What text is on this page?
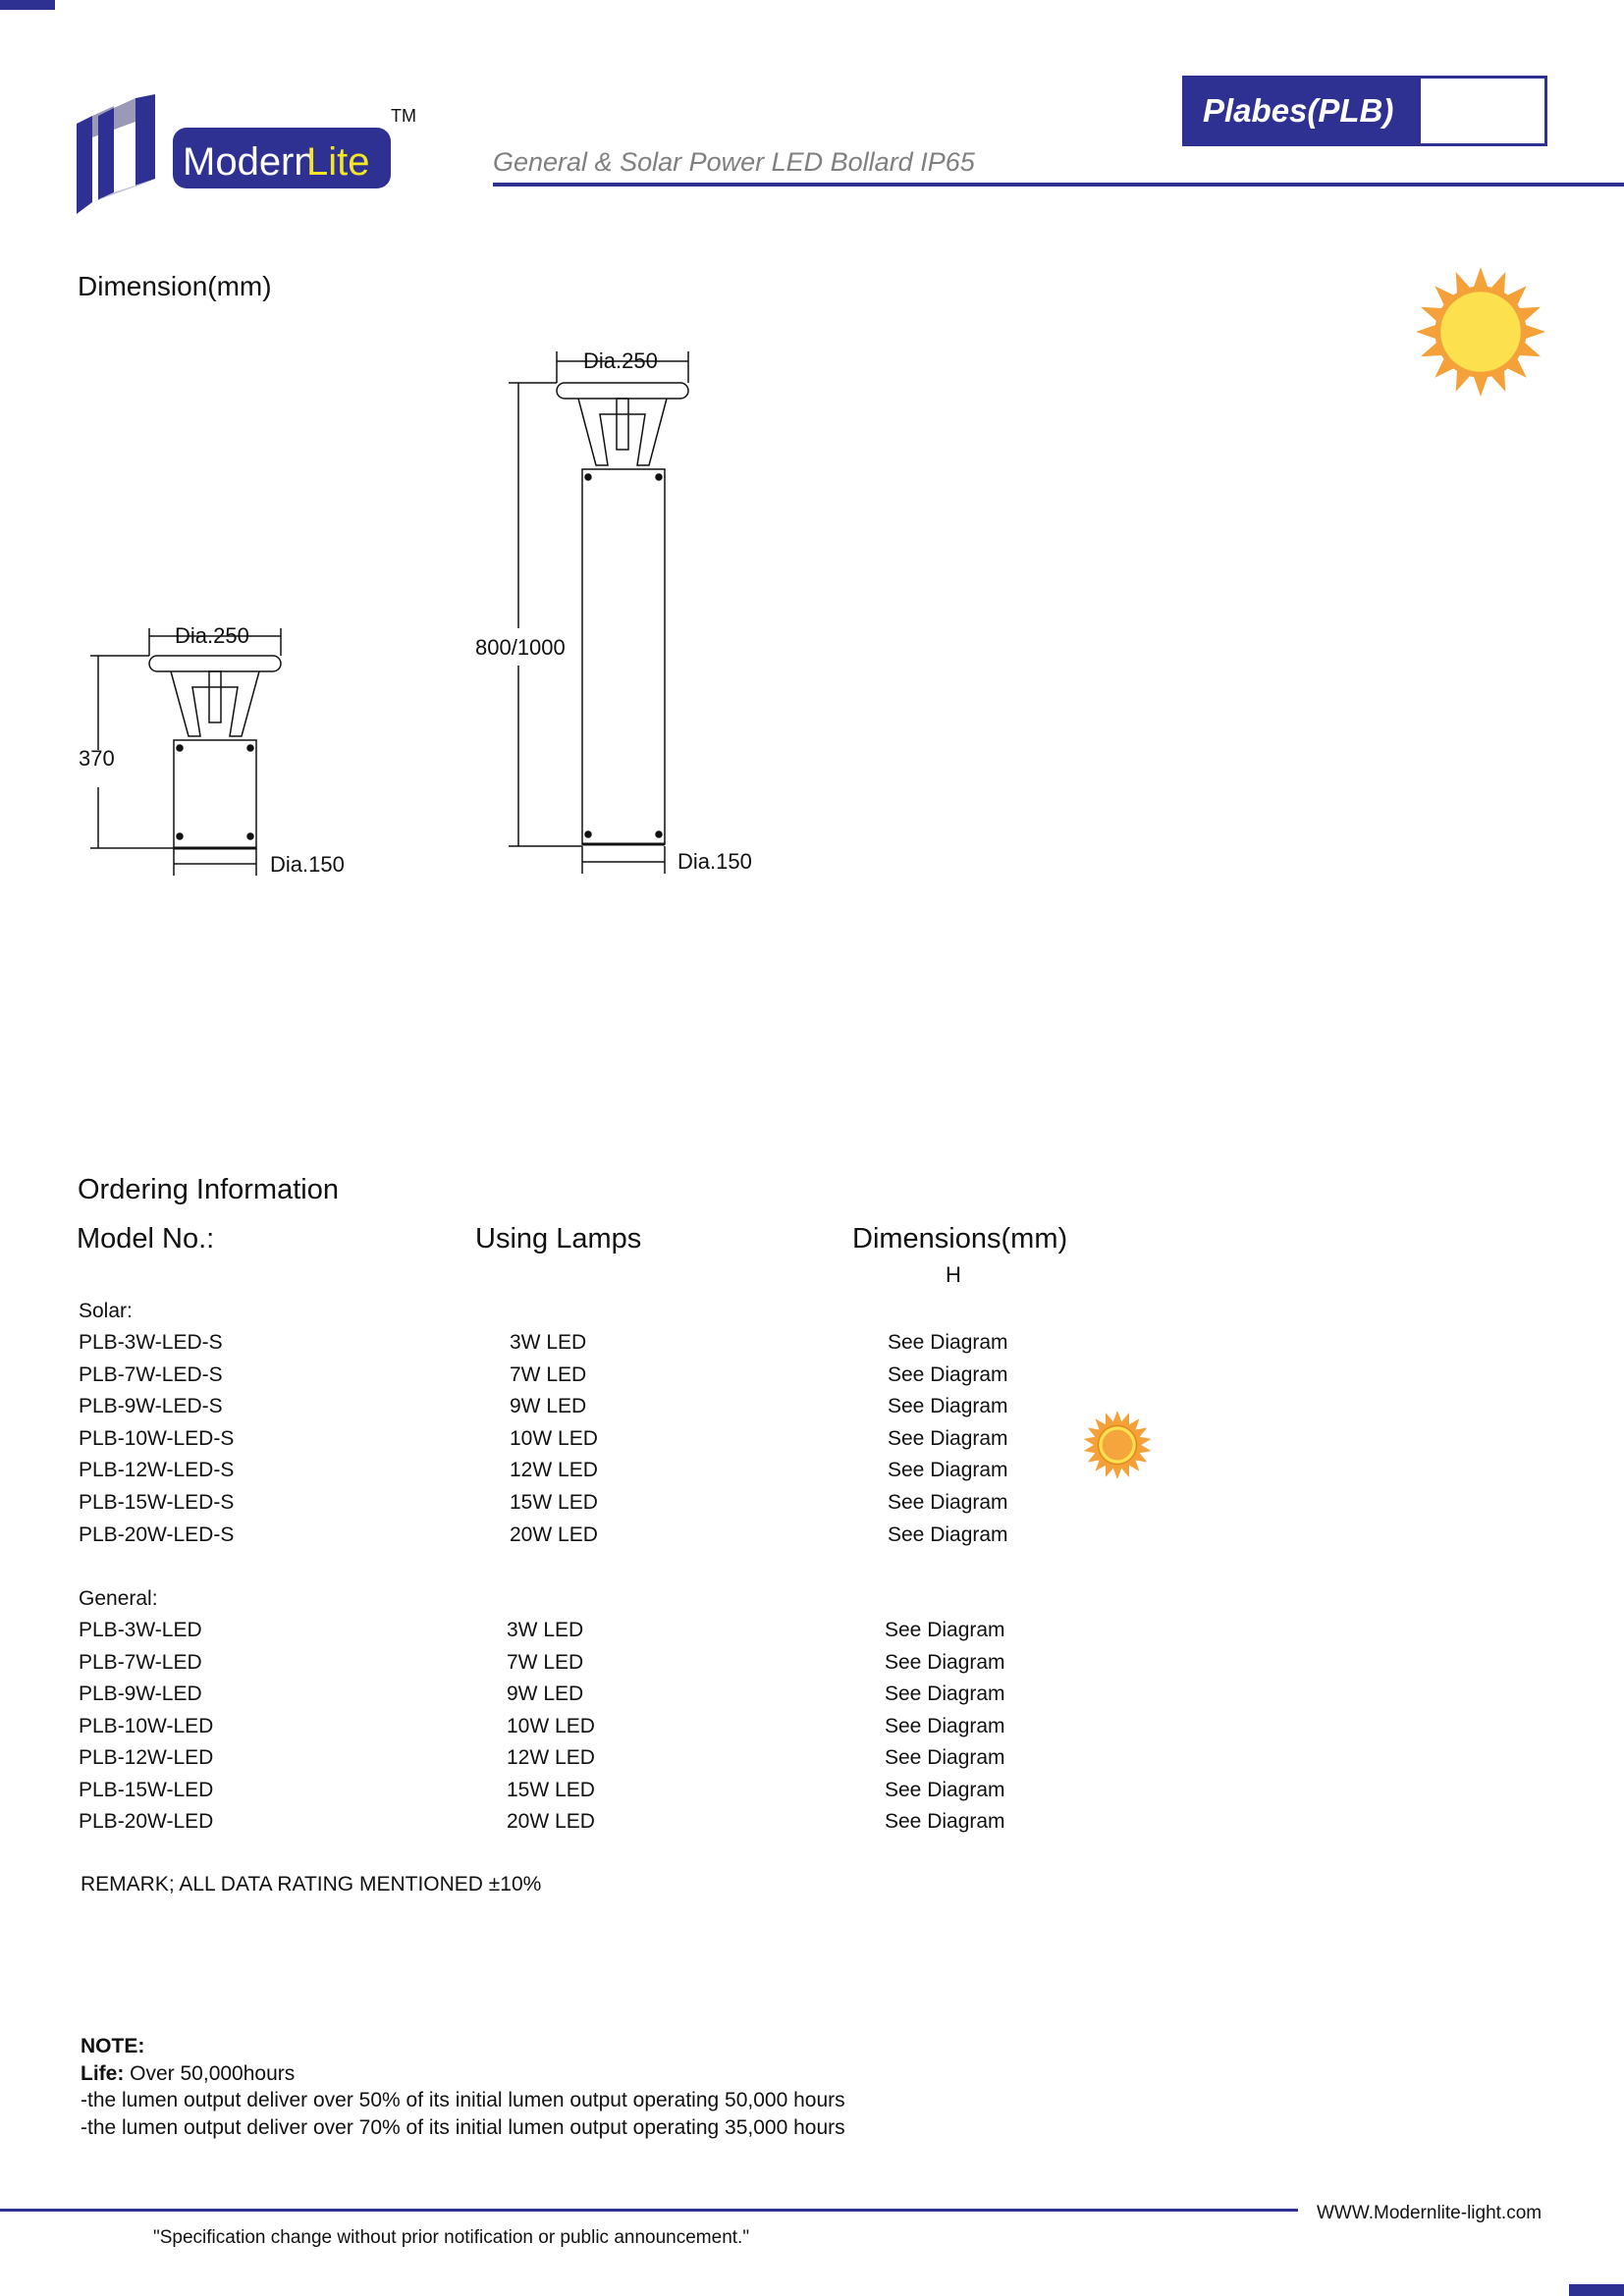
Modern
Lite
TM
General & Solar Power LED Bollard IP65
Plabes(PLB)
Dimension(mm)
Dia.250
370
Dia.150
Dia.250
800/1000
Dia.150
Ordering Information
Model No.:	Using Lamps	Dimensions(mm)
H
Solar:
PLB-3W-LED-S	3W LED	See Diagram
PLB-7W-LED-S	7W LED	See Diagram
PLB-9W-LED-S	9W LED	See Diagram
PLB-10W-LED-S	10W LED	See Diagram
PLB-12W-LED-S	12W LED	See Diagram
PLB-15W-LED-S	15W LED	See Diagram
PLB-20W-LED-S	20W LED	See Diagram
General:
PLB-3W-LED	3W LED	See Diagram
PLB-7W-LED	7W LED	See Diagram
PLB-9W-LED	9W LED	See Diagram
PLB-10W-LED	10W LED	See Diagram
PLB-12W-LED	12W LED	See Diagram
PLB-15W-LED	15W LED	See Diagram
PLB-20W-LED	20W LED	See Diagram
REMARK; ALL DATA RATING MENTIONED ±10%
NOTE:
Life: Over 50,000hours
-the lumen output deliver over 50% of its initial lumen output operating 50,000 hours
-the lumen output deliver over 70% of its initial lumen output operating 35,000 hours
WWW.Modernlite-light.com
"Specification change without prior notification or public announcement."
